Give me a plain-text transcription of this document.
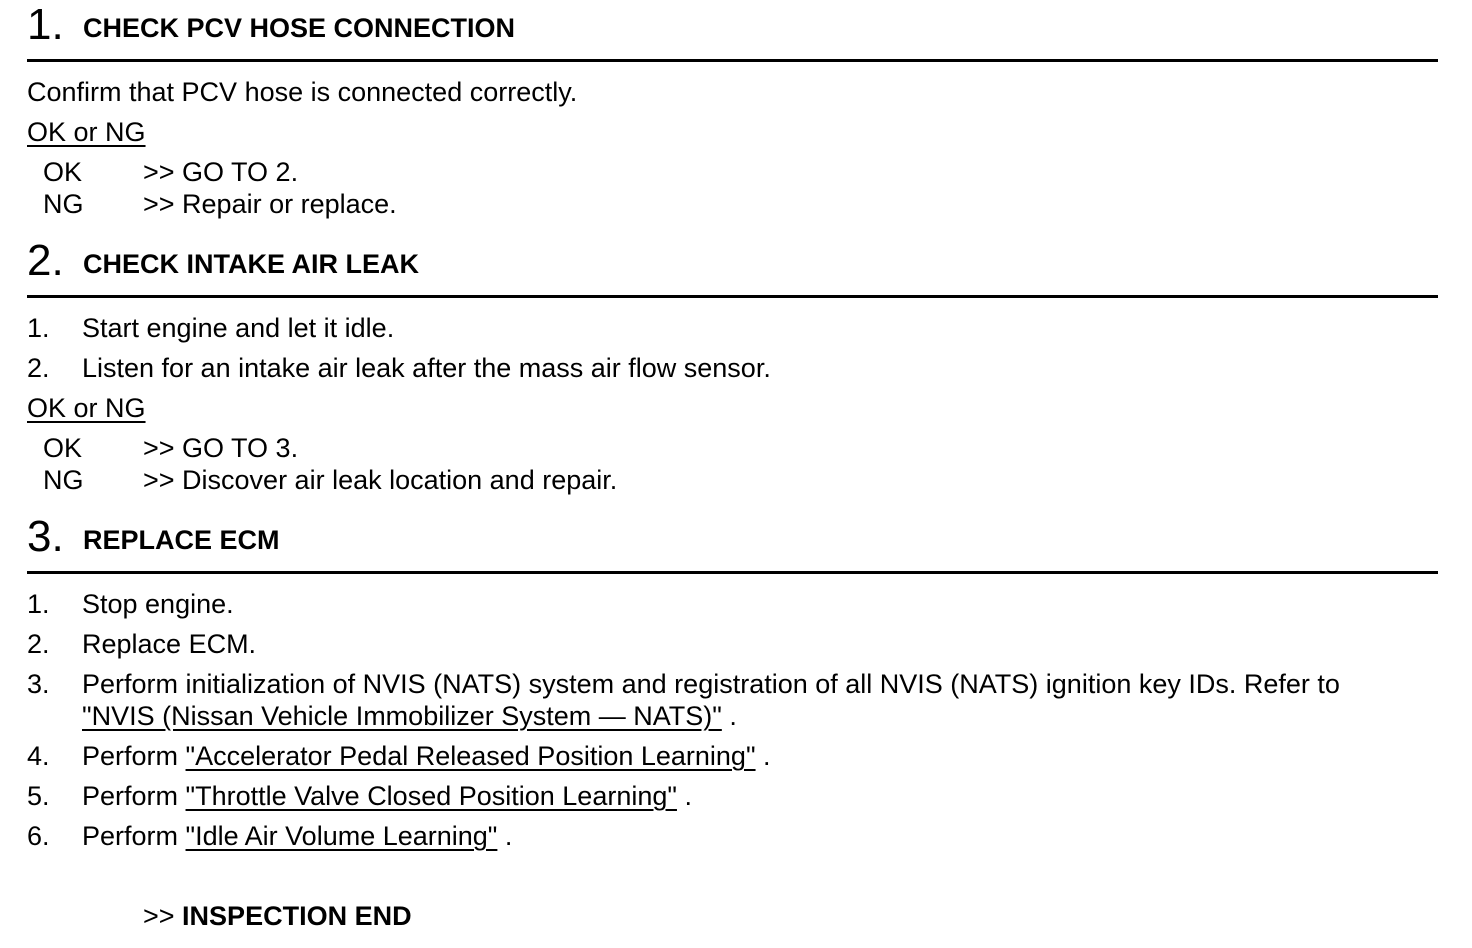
1. CHECK PCV HOSE CONNECTION
Confirm that PCV hose is connected correctly.
OK or NG
OK >> GO TO 2.
NG >> Repair or replace.
2. CHECK INTAKE AIR LEAK
1. Start engine and let it idle.
2. Listen for an intake air leak after the mass air flow sensor.
OK or NG
OK >> GO TO 3.
NG >> Discover air leak location and repair.
3. REPLACE ECM
1. Stop engine.
2. Replace ECM.
3. Perform initialization of NVIS (NATS) system and registration of all NVIS (NATS) ignition key IDs. Refer to
"NVIS (Nissan Vehicle Immobilizer System — NATS)" .
4. Perform "Accelerator Pedal Released Position Learning" .
5. Perform "Throttle Valve Closed Position Learning" .
6. Perform "Idle Air Volume Learning" .
>> INSPECTION END
